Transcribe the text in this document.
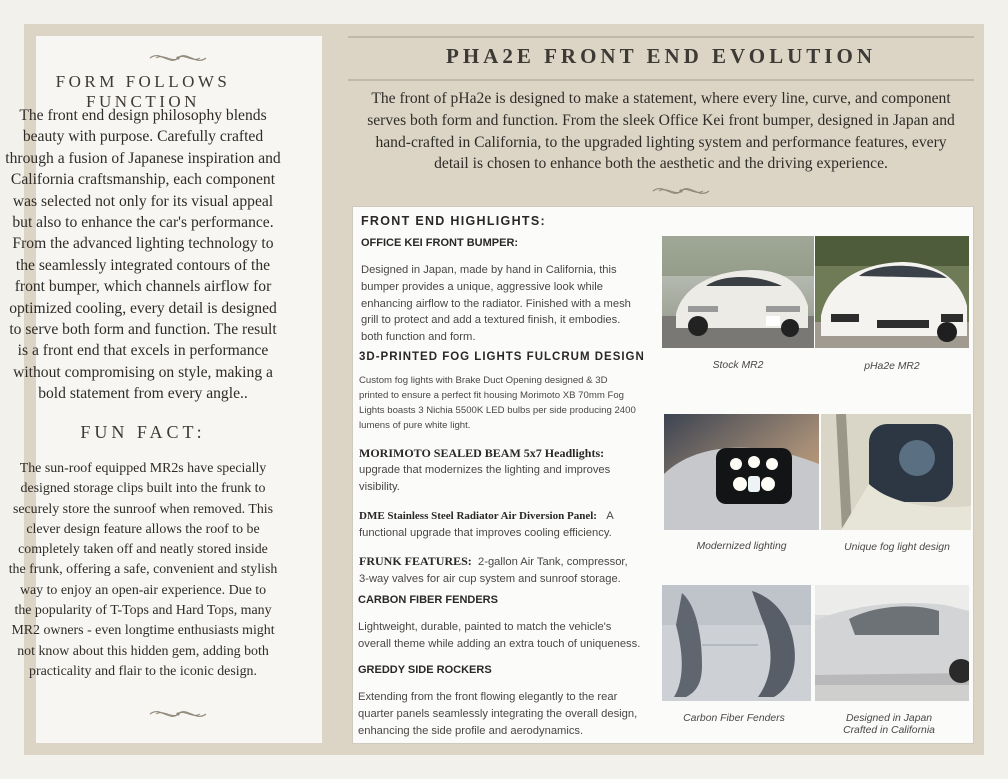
FORM FOLLOWS FUNCTION
The front end design philosophy blends
beauty with purpose. Carefully crafted
through a fusion of Japanese inspiration and
California craftsmanship, each component
was selected not only for its visual appeal
but also to enhance the car's performance.
From the advanced lighting technology to
the seamlessly integrated contours of the
front bumper, which channels airflow for
optimized cooling, every detail is designed
to serve both form and function. The result
is a front end that excels in performance
without compromising on style, making a
bold statement from every angle..
FUN FACT:
The sun-roof equipped MR2s have specially
designed storage clips built into the frunk to
securely store the sunroof when removed. This
clever design feature allows the roof to be
completely taken off and neatly stored inside
the frunk, offering a safe, convenient and stylish
way to enjoy an open-air experience. Due to
the popularity of T-Tops and Hard Tops, many
MR2 owners - even longtime enthusiasts might
not know about this hidden gem, adding both
practicality and flair to the iconic design.
PHA2E FRONT END EVOLUTION
The front of pHa2e is designed to make a statement, where every line, curve, and component
serves both form and function. From the sleek Office Kei front bumper, designed in Japan and
hand-crafted in California, to the upgraded lighting system and performance features, every
detail is chosen to enhance both the aesthetic and the driving experience.
FRONT END HIGHLIGHTS:
OFFICE KEI FRONT BUMPER:
Designed in Japan, made by hand in California, this
bumper provides a unique, aggressive look while
enhancing airflow to the radiator. Finished with a mesh
grill to protect and add a textured finish, it embodies.
both function and form.
3D-PRINTED FOG LIGHTS FULCRUM DESIGN
Custom fog lights with Brake Duct Opening designed & 3D
printed to ensure a perfect fit housing Morimoto XB 70mm Fog
Lights boasts 3 Nichia 5500K LED bulbs per side producing 2400
lumens of pure white light.
MORIMOTO SEALED BEAM 5x7 Headlights:
upgrade that modernizes the lighting and improves
visibility.
DME Stainless Steel Radiator Air Diversion Panel: A
functional upgrade that improves cooling efficiency.
FRUNK FEATURES: 2-gallon Air Tank, compressor,
3-way valves for air cup system and sunroof storage.
CARBON FIBER FENDERS
Lightweight, durable, painted to match the vehicle's
overall theme while adding an extra touch of uniqueness.
GREDDY SIDE ROCKERS
Extending from the front flowing elegantly to the rear
quarter panels seamlessly integrating the overall design,
enhancing the side profile and aerodynamics.
Stock MR2	pHa2e MR2
Modernized lighting	Unique fog light design
Carbon Fiber Fenders	Designed in Japan
Crafted in California
